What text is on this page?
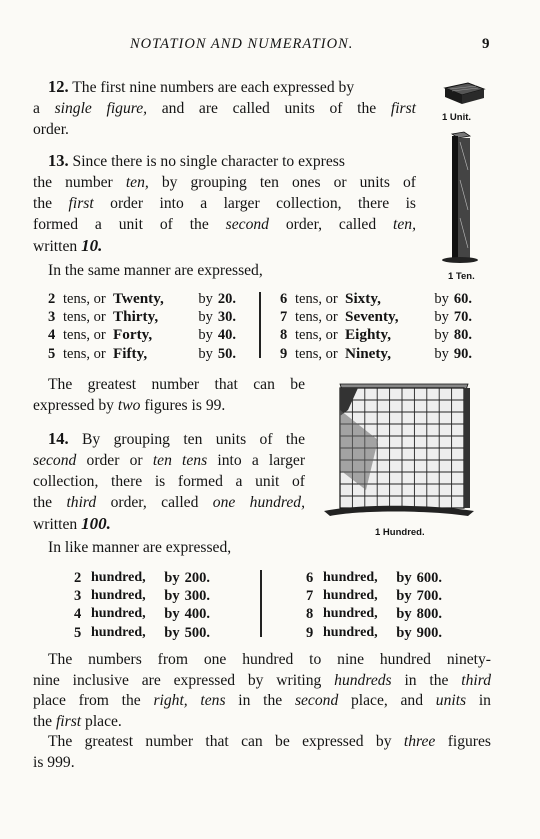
NOTATION AND NUMERATION.	9
12. The first nine numbers are each expressed by
a single figure, and are called units of the first
order.
1 Unit.
13. Since there is no single character to express
the number ten, by grouping ten ones or units of
the first order into a larger collection, there is
formed a unit of the second order, called ten,
written 10.
In the same manner are expressed,	1 Ten.
2 tens, or Twenty, by 20.
3 tens, or Thirty,	by 30.
4 tens, or Forty,	by 40.
5 tens, or Fifty,	by 50.
6 tens, or Sixty,	by 60.
7 tens, or Seventy, by 70.
8 tens, or Eighty,	by 80.
9 tens, or Ninety,	by 90.
The greatest number that can be
expressed by two figures is 99.
1 Hundred.
14. By grouping ten units of the
second order or ten tens into a larger
collection, there is formed a unit of
the third order, called one hundred,
written 100.
In like manner are expressed,
2 hundred, by 200.
3 hundred, by 300.
4 hundred, by 400.
5 hundred, by 500.
6 hundred, by 600.
7 hundred, by 700.
8 hundred, by 800.
9 hundred, by 900.
The numbers from one hundred to nine hundred ninety-
nine inclusive are expressed by writing hundreds in the third
place from the right, tens in the second place, and units in
the first place.
The greatest number that can be expressed by three figures
is 999.
